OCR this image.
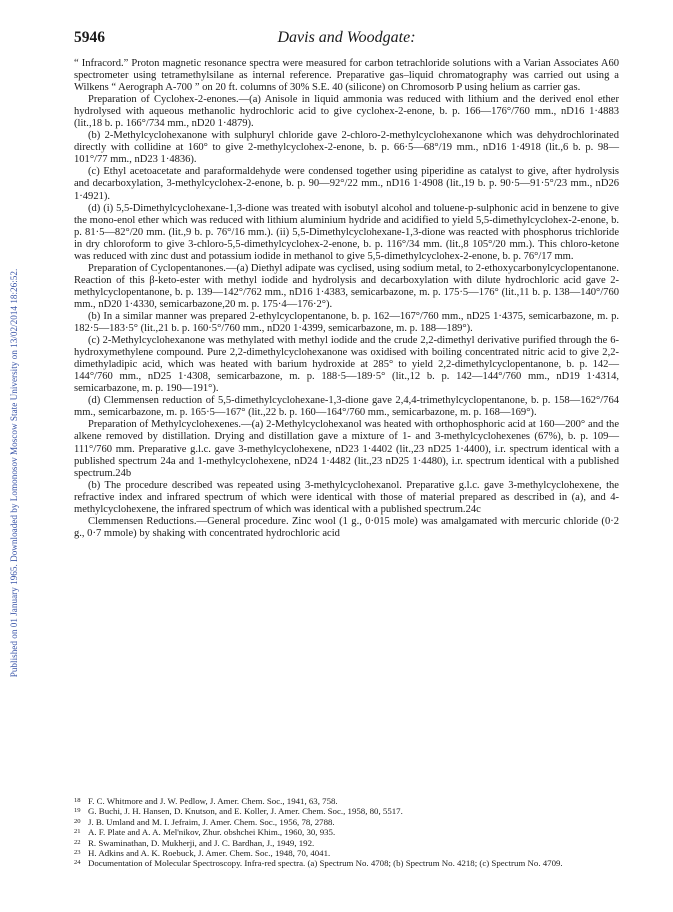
Published on 01 January 1965. Downloaded by Lomonosov Moscow State University on 13/02/2014 18:26:52.
5946	Davis and Woodgate:

“ Infracord.” Proton magnetic resonance spectra were measured for carbon tetrachloride solutions with a Varian Associates A60 spectrometer using tetramethylsilane as internal reference. Preparative gas–liquid chromatography was carried out using a Wilkens “ Aerograph A-700 ” on 20 ft. columns of 30% S.E. 40 (silicone) on Chromosorb P using helium as carrier gas.

Preparation of Cyclohex-2-enones.—(a) Anisole in liquid ammonia was reduced with lithium and the derived enol ether hydrolysed with aqueous methanolic hydrochloric acid to give cyclohex-2-enone, b. p. 166—176°/760 mm., nD16 1·4883 (lit.,18 b. p. 166°/734 mm., nD20 1·4879).

(b) 2-Methylcyclohexanone with sulphuryl chloride gave 2-chloro-2-methylcyclohexanone which was dehydrochlorinated directly with collidine at 160° to give 2-methylcyclohex-2-enone, b. p. 66·5—68°/19 mm., nD16 1·4918 (lit.,6 b. p. 98—101°/77 mm., nD23 1·4836).

(c) Ethyl acetoacetate and paraformaldehyde were condensed together using piperidine as catalyst to give, after hydrolysis and decarboxylation, 3-methylcyclohex-2-enone, b. p. 90—92°/22 mm., nD16 1·4908 (lit.,19 b. p. 90·5—91·5°/23 mm., nD26 1·4921).

(d) (i) 5,5-Dimethylcyclohexane-1,3-dione was treated with isobutyl alcohol and toluene-p-sulphonic acid in benzene to give the mono-enol ether which was reduced with lithium aluminium hydride and acidified to yield 5,5-dimethylcyclohex-2-enone, b. p. 81·5—82°/20 mm. (lit.,9 b. p. 76°/16 mm.). (ii) 5,5-Dimethylcyclohexane-1,3-dione was reacted with phosphorus trichloride in dry chloroform to give 3-chloro-5,5-dimethylcyclohex-2-enone, b. p. 116°/34 mm. (lit.,8 105°/20 mm.). This chloro-ketone was reduced with zinc dust and potassium iodide in methanol to give 5,5-dimethylcyclohex-2-enone, b. p. 76°/17 mm.

Preparation of Cyclopentanones.—(a) Diethyl adipate was cyclised, using sodium metal, to 2-ethoxycarbonylcyclopentanone. Reaction of this β-keto-ester with methyl iodide and hydrolysis and decarboxylation with dilute hydrochloric acid gave 2-methylcyclopentanone, b. p. 139—142°/762 mm., nD16 1·4383, semicarbazone, m. p. 175·5—176° (lit.,11 b. p. 138—140°/760 mm., nD20 1·4330, semicarbazone,20 m. p. 175·4—176·2°).

(b) In a similar manner was prepared 2-ethylcyclopentanone, b. p. 162—167°/760 mm., nD25 1·4375, semicarbazone, m. p. 182·5—183·5° (lit.,21 b. p. 160·5°/760 mm., nD20 1·4399, semicarbazone, m. p. 188—189°).

(c) 2-Methylcyclohexanone was methylated with methyl iodide and the crude 2,2-dimethyl derivative purified through the 6-hydroxymethylene compound. Pure 2,2-dimethylcyclohexanone was oxidised with boiling concentrated nitric acid to give 2,2-dimethyladipic acid, which was heated with barium hydroxide at 285° to yield 2,2-dimethylcyclopentanone, b. p. 142—144°/760 mm., nD25 1·4308, semicarbazone, m. p. 188·5—189·5° (lit.,12 b. p. 142—144°/760 mm., nD19 1·4314, semicarbazone, m. p. 190—191°).

(d) Clemmensen reduction of 5,5-dimethylcyclohexane-1,3-dione gave 2,4,4-trimethylcyclopentanone, b. p. 158—162°/764 mm., semicarbazone, m. p. 165·5—167° (lit.,22 b. p. 160—164°/760 mm., semicarbazone, m. p. 168—169°).

Preparation of Methylcyclohexenes.—(a) 2-Methylcyclohexanol was heated with orthophosphoric acid at 160—200° and the alkene removed by distillation. Drying and distillation gave a mixture of 1- and 3-methylcyclohexenes (67%), b. p. 109—111°/760 mm. Preparative g.l.c. gave 3-methylcyclohexene, nD23 1·4402 (lit.,23 nD25 1·4400), i.r. spectrum identical with a published spectrum 24a and 1-methylcyclohexene, nD24 1·4482 (lit.,23 nD25 1·4480), i.r. spectrum identical with a published spectrum.24b

(b) The procedure described was repeated using 3-methylcyclohexanol. Preparative g.l.c. gave 3-methylcyclohexene, the refractive index and infrared spectrum of which were identical with those of material prepared as described in (a), and 4-methylcyclohexene, the infrared spectrum of which was identical with a published spectrum.24c

Clemmensen Reductions.—General procedure. Zinc wool (1 g., 0·015 mole) was amalgamated with mercuric chloride (0·2 g., 0·7 mmole) by shaking with concentrated hydrochloric acid

18 F. C. Whitmore and J. W. Pedlow, J. Amer. Chem. Soc., 1941, 63, 758.
19 G. Buchi, J. H. Hansen, D. Knutson, and E. Koller, J. Amer. Chem. Soc., 1958, 80, 5517.
20 J. B. Umland and M. I. Jefraim, J. Amer. Chem. Soc., 1956, 78, 2788.
21 A. F. Plate and A. A. Mel'nikov, Zhur. obshchei Khim., 1960, 30, 935.
22 R. Swaminathan, D. Mukherji, and J. C. Bardhan, J., 1949, 192.
23 H. Adkins and A. K. Roebuck, J. Amer. Chem. Soc., 1948, 70, 4041.
24 Documentation of Molecular Spectroscopy. Infra-red spectra. (a) Spectrum No. 4708; (b) Spectrum No. 4218; (c) Spectrum No. 4709.
